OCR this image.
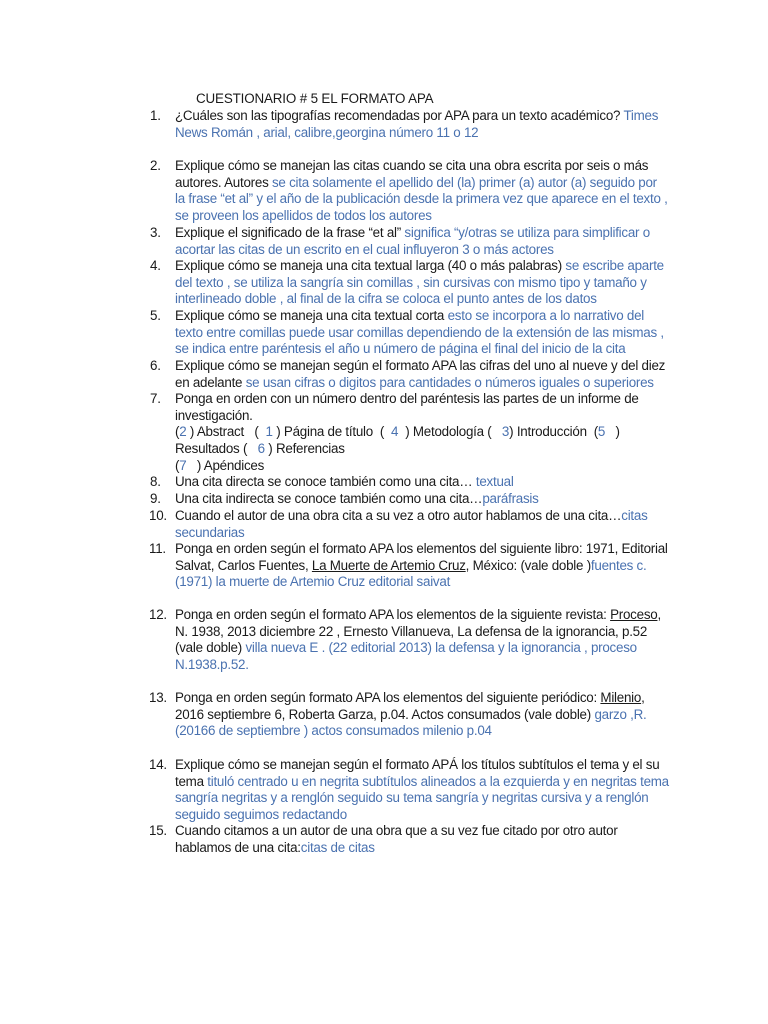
CUESTIONARIO # 5 EL FORMATO APA
1.	¿Cuáles son las tipografías recomendadas por APA para un texto académico? Times News Román , arial, calibre,georgina número 11 o 12
2.	Explique cómo se manejan las citas cuando se cita una obra escrita por seis o más autores. Autores se cita solamente el apellido del (la) primer (a) autor (a) seguido por la frase “et al” y el año de la publicación desde la primera vez que aparece en el texto , se proveen los apellidos de todos los autores
3.	Explique el significado de la frase “et al” significa “y/otras se utiliza para simplificar o acortar las citas de un escrito en el cual influyeron 3 o más actores
4.	Explique cómo se maneja una cita textual larga (40 o más palabras) se escribe aparte del texto , se utiliza la sangría sin comillas , sin cursivas con mismo tipo y tamaño y interlineado doble , al final de la cifra se coloca el punto antes de los datos
5.	Explique cómo se maneja una cita textual corta esto se incorpora a lo narrativo del texto entre comillas puede usar comillas dependiendo de la extensión de las mismas , se indica entre paréntesis el año u número de página el final del inicio de la cita
6.	Explique cómo se manejan según el formato APA las cifras del uno al nueve y del diez en adelante se usan cifras o digitos para cantidades o números iguales o superiores
7.	Ponga en orden con un número dentro del paréntesis las partes de un informe de investigación.
(2 ) Abstract   (  1 ) Página de título  (  4  ) Metodología (   3) Introducción  (5   )
Resultados (   6 ) Referencias
(7   ) Apéndices
8.	Una cita directa se conoce también como una cita… textual
9.	Una cita indirecta se conoce también como una cita…paráfrasis
10. Cuando el autor de una obra cita a su vez a otro autor hablamos de una cita…citas secundarias
11. Ponga en orden según el formato APA los elementos del siguiente libro: 1971, Editorial Salvat, Carlos Fuentes, La Muerte de Artemio Cruz, México: (vale doble )fuentes c. (1971) la muerte de Artemio Cruz editorial saivat
12. Ponga en orden según el formato APA los elementos de la siguiente revista: Proceso, N. 1938, 2013 diciembre 22 , Ernesto Villanueva, La defensa de la ignorancia, p.52 (vale doble) villa nueva E . (22 editorial 2013) la defensa y la ignorancia , proceso N.1938.p.52.
13. Ponga en orden según formato APA los elementos del siguiente periódico: Milenio, 2016 septiembre 6, Roberta Garza, p.04. Actos consumados (vale doble) garzo ,R.(20166 de septiembre ) actos consumados milenio p.04
14. Explique cómo se manejan según el formato APÁ los títulos subtítulos el tema y el su tema tituló centrado u en negrita subtítulos alineados a la ezquierda y en negritas tema sangría negritas y a renglón seguido su tema sangría y negritas cursiva y a renglón seguido seguimos redactando
15. Cuando citamos a un autor de una obra que a su vez fue citado por otro autor hablamos de una cita:citas de citas
